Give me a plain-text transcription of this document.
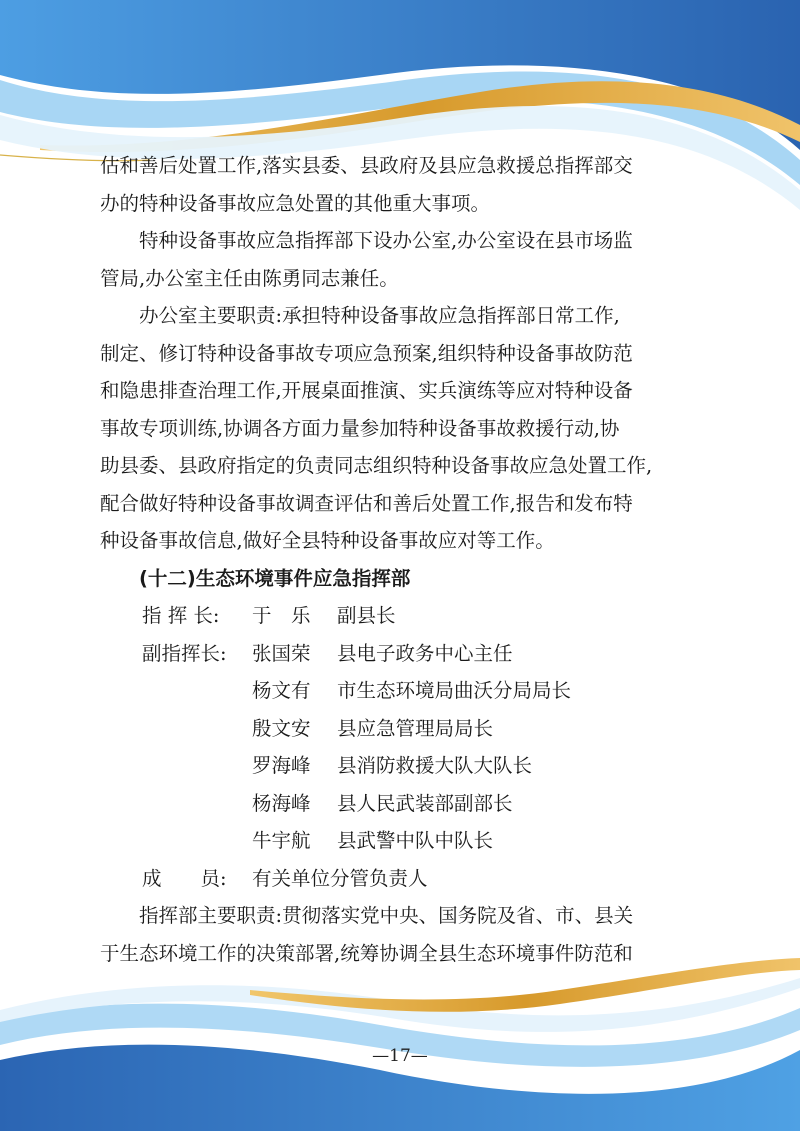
估和善后处置工作,落实县委、县政府及县应急救援总指挥部交
办的特种设备事故应急处置的其他重大事项。

特种设备事故应急指挥部下设办公室,办公室设在县市场监
管局,办公室主任由陈勇同志兼任。

办公室主要职责:承担特种设备事故应急指挥部日常工作,
制定、修订特种设备事故专项应急预案,组织特种设备事故防范
和隐患排查治理工作,开展桌面推演、实兵演练等应对特种设备
事故专项训练,协调各方面力量参加特种设备事故救援行动,协
助县委、县政府指定的负责同志组织特种设备事故应急处置工作,
配合做好特种设备事故调查评估和善后处置工作,报告和发布特
种设备事故信息,做好全县特种设备事故应对等工作。

(十二)生态环境事件应急指挥部

指 挥 长: 于　乐 副县长
副指挥长: 张国荣 县电子政务中心主任
杨文有 市生态环境局曲沃分局局长
殷文安 县应急管理局局长
罗海峰 县消防救援大队大队长
杨海峰 县人民武装部副部长
牛宇航 县武警中队中队长
成　　员: 有关单位分管负责人

指挥部主要职责:贯彻落实党中央、国务院及省、市、县关
于生态环境工作的决策部署,统筹协调全县生态环境事件防范和

—17—
